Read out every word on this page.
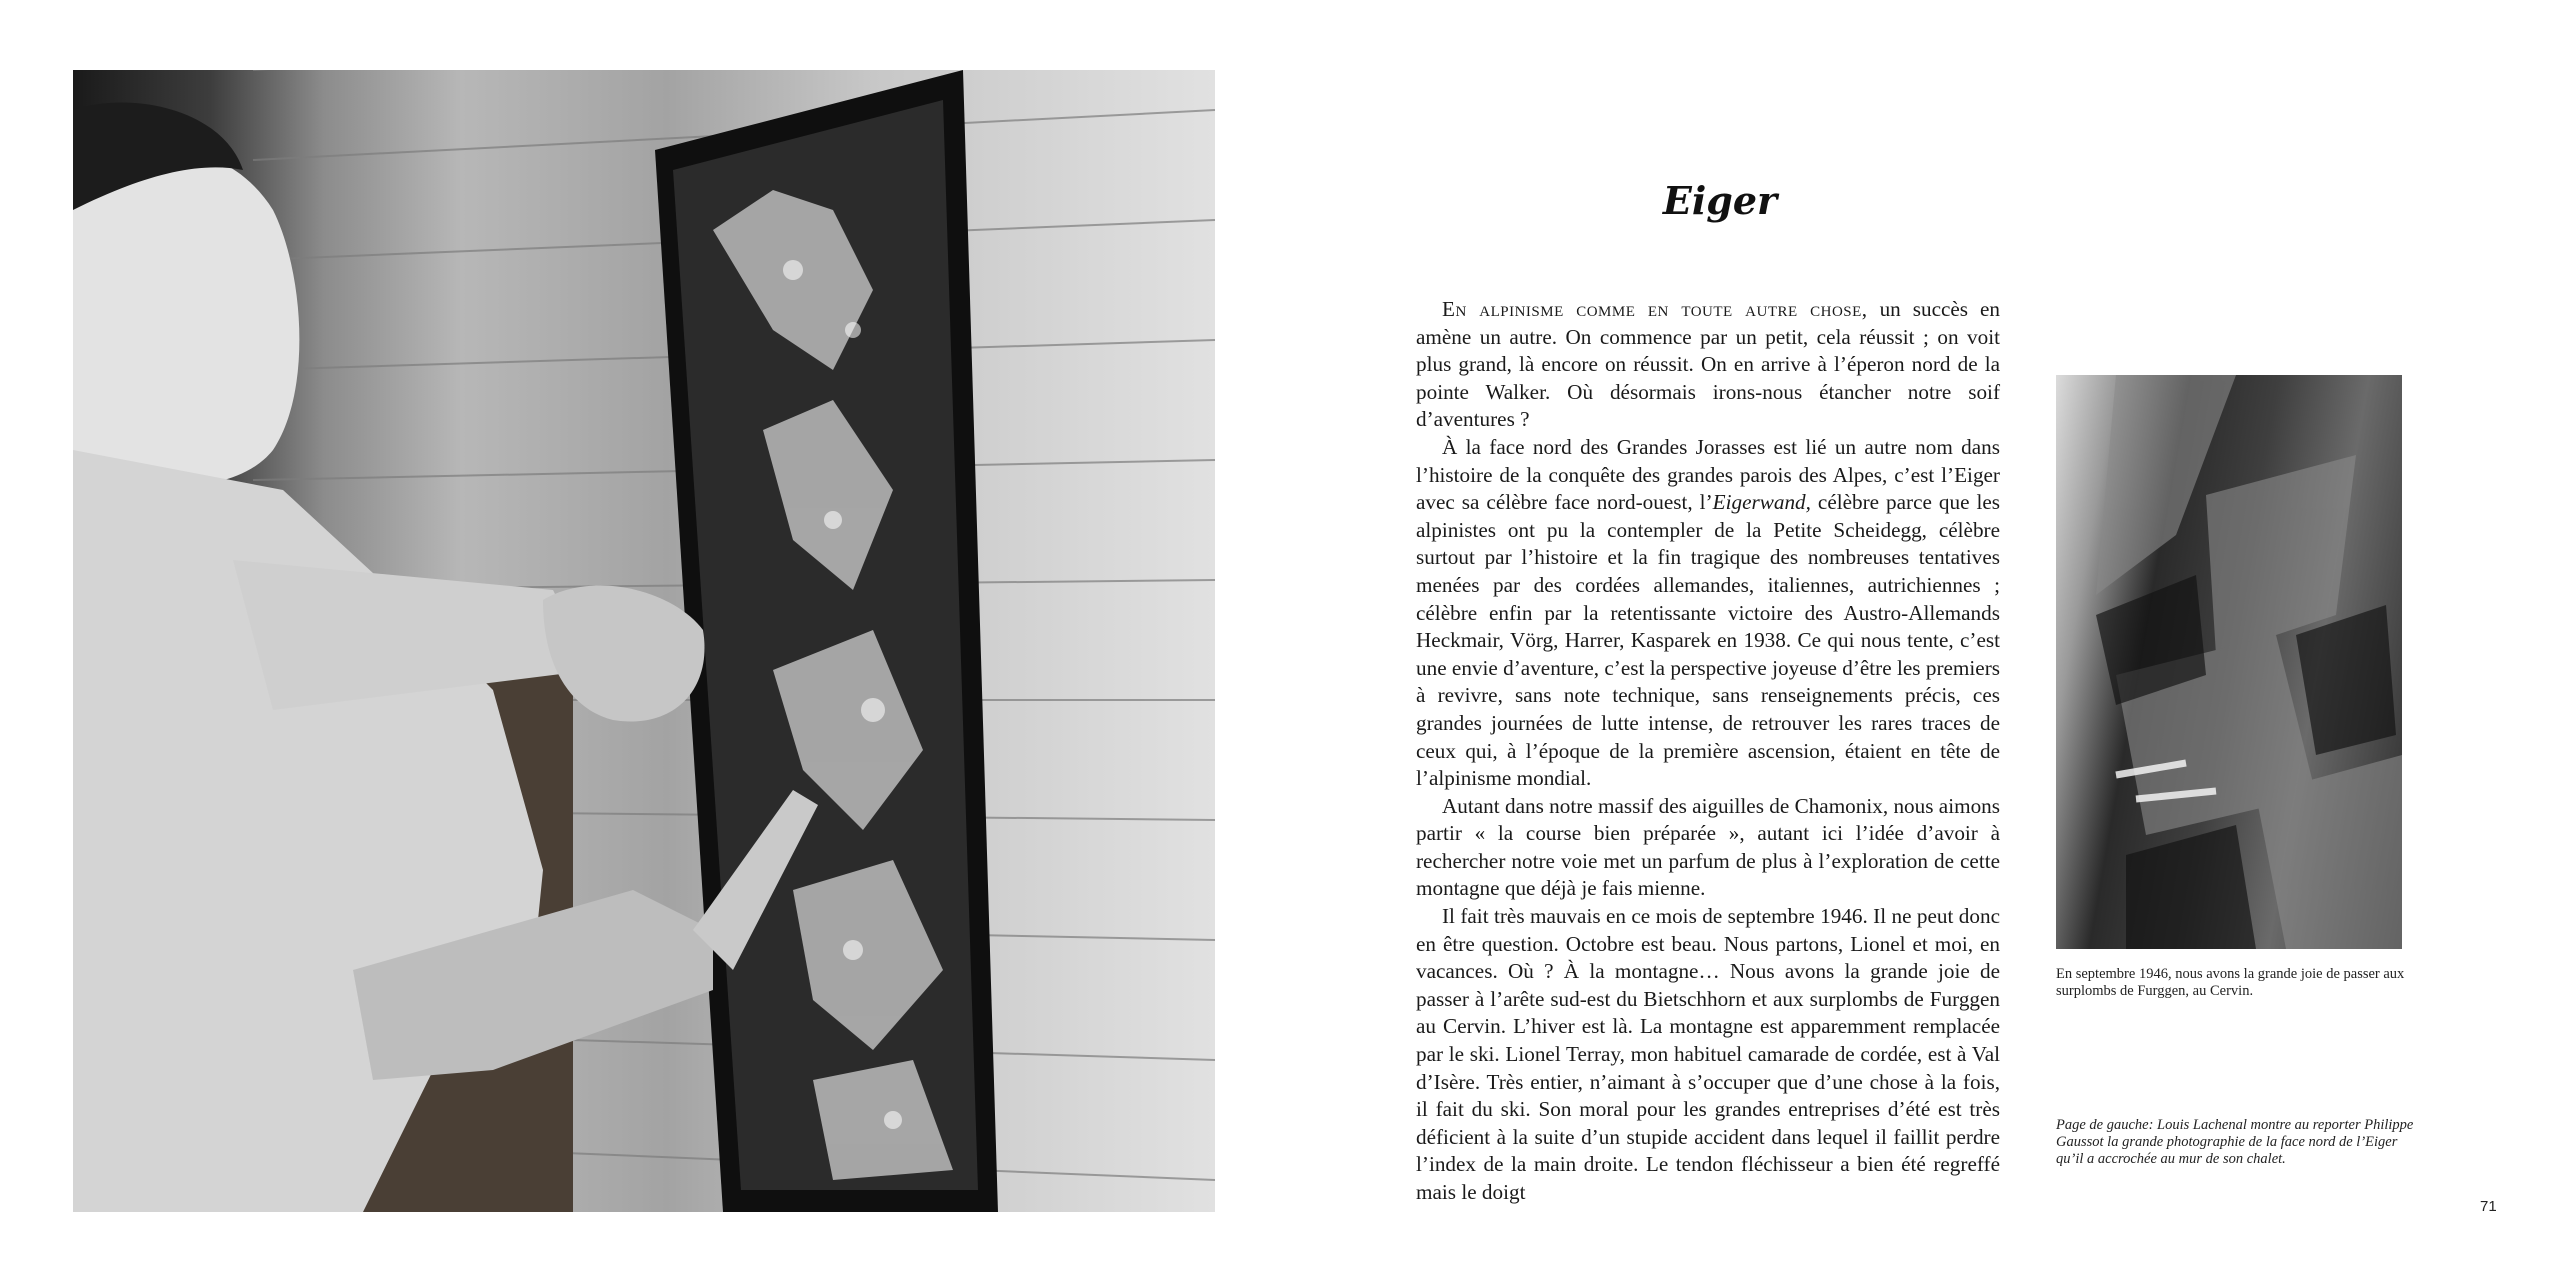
Eiger

En alpinisme comme en toute autre chose, un succès en amène un autre. On commence par un petit, cela réussit ; on voit plus grand, là encore on réussit. On en arrive à l’éperon nord de la pointe Walker. Où désormais irons-nous étancher notre soif d’aventures ?

À la face nord des Grandes Jorasses est lié un autre nom dans l’histoire de la conquête des grandes parois des Alpes, c’est l’Eiger avec sa célèbre face nord-ouest, l’Eigerwand, célèbre parce que les alpinistes ont pu la contempler de la Petite Scheidegg, célèbre surtout par l’histoire et la fin tragique des nombreuses tentatives menées par des cordées allemandes, italiennes, autrichiennes ; célèbre enfin par la retentissante victoire des Austro-Allemands Heckmair, Vörg, Harrer, Kasparek en 1938. Ce qui nous tente, c’est une envie d’aventure, c’est la perspective joyeuse d’être les premiers à revivre, sans note technique, sans renseignements précis, ces grandes journées de lutte intense, de retrouver les rares traces de ceux qui, à l’époque de la première ascension, étaient en tête de l’alpinisme mondial.

Autant dans notre massif des aiguilles de Chamonix, nous aimons partir « la course bien préparée », autant ici l’idée d’avoir à rechercher notre voie met un parfum de plus à l’exploration de cette montagne que déjà je fais mienne.

Il fait très mauvais en ce mois de septembre 1946. Il ne peut donc en être question. Octobre est beau. Nous partons, Lionel et moi, en vacances. Où ? À la montagne… Nous avons la grande joie de passer à l’arête sud-est du Bietschhorn et aux surplombs de Furggen au Cervin. L’hiver est là. La montagne est apparemment remplacée par le ski. Lionel Terray, mon habituel camarade de cordée, est à Val d’Isère. Très entier, n’aimant à s’occuper que d’une chose à la fois, il fait du ski. Son moral pour les grandes entreprises d’été est très déficient à la suite d’un stupide accident dans lequel il faillit perdre l’index de la main droite. Le tendon fléchisseur a bien été regreffé mais le doigt

En septembre 1946, nous avons la grande joie de passer aux surplombs de Furggen, au Cervin.
Page de gauche: Louis Lachenal montre au reporter Philippe Gaussot la grande photographie de la face nord de l’Eiger qu’il a accrochée au mur de son chalet.
71
